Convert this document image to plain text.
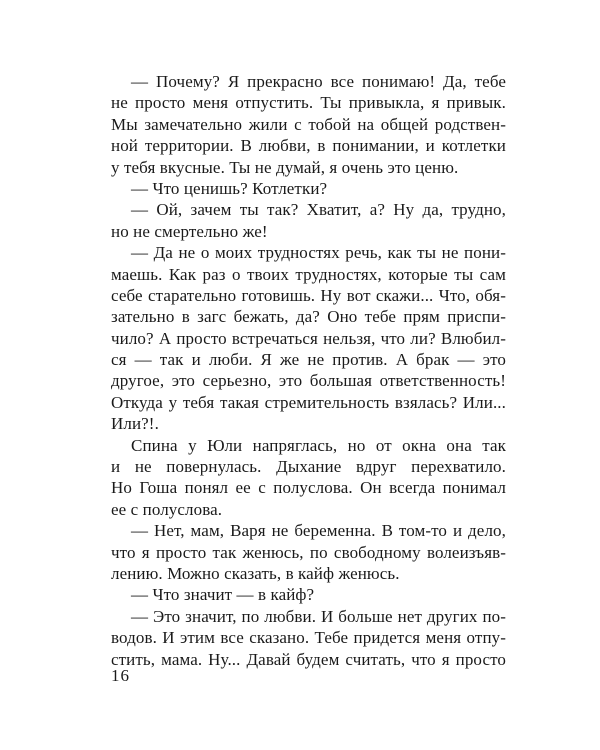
— Почему? Я прекрасно все понимаю! Да, тебе
не просто меня отпустить. Ты привыкла, я привык.
Мы замечательно жили с тобой на общей родствен-
ной территории. В любви, в понимании, и котлетки
у тебя вкусные. Ты не думай, я очень это ценю.
— Что ценишь? Котлетки?
— Ой, зачем ты так? Хватит, а? Ну да, трудно,
но не смертельно же!
— Да не о моих трудностях речь, как ты не пони-
маешь. Как раз о твоих трудностях, которые ты сам
себе старательно готовишь. Ну вот скажи... Что, обя-
зательно в загс бежать, да? Оно тебе прям приспи-
чило? А просто встречаться нельзя, что ли? Влюбил-
ся — так и люби. Я же не против. А брак — это
другое, это серьезно, это большая ответственность!
Откуда у тебя такая стремительность взялась? Или...
Или?!.
Спина у Юли напряглась, но от окна она так
и не повернулась. Дыхание вдруг перехватило.
Но Гоша понял ее с полуслова. Он всегда понимал
ее с полуслова.
— Нет, мам, Варя не беременна. В том-то и дело,
что я просто так женюсь, по свободному волеизъяв-
лению. Можно сказать, в кайф женюсь.
— Что значит — в кайф?
— Это значит, по любви. И больше нет других по-
водов. И этим все сказано. Тебе придется меня отпу-
стить, мама. Ну... Давай будем считать, что я просто
16
